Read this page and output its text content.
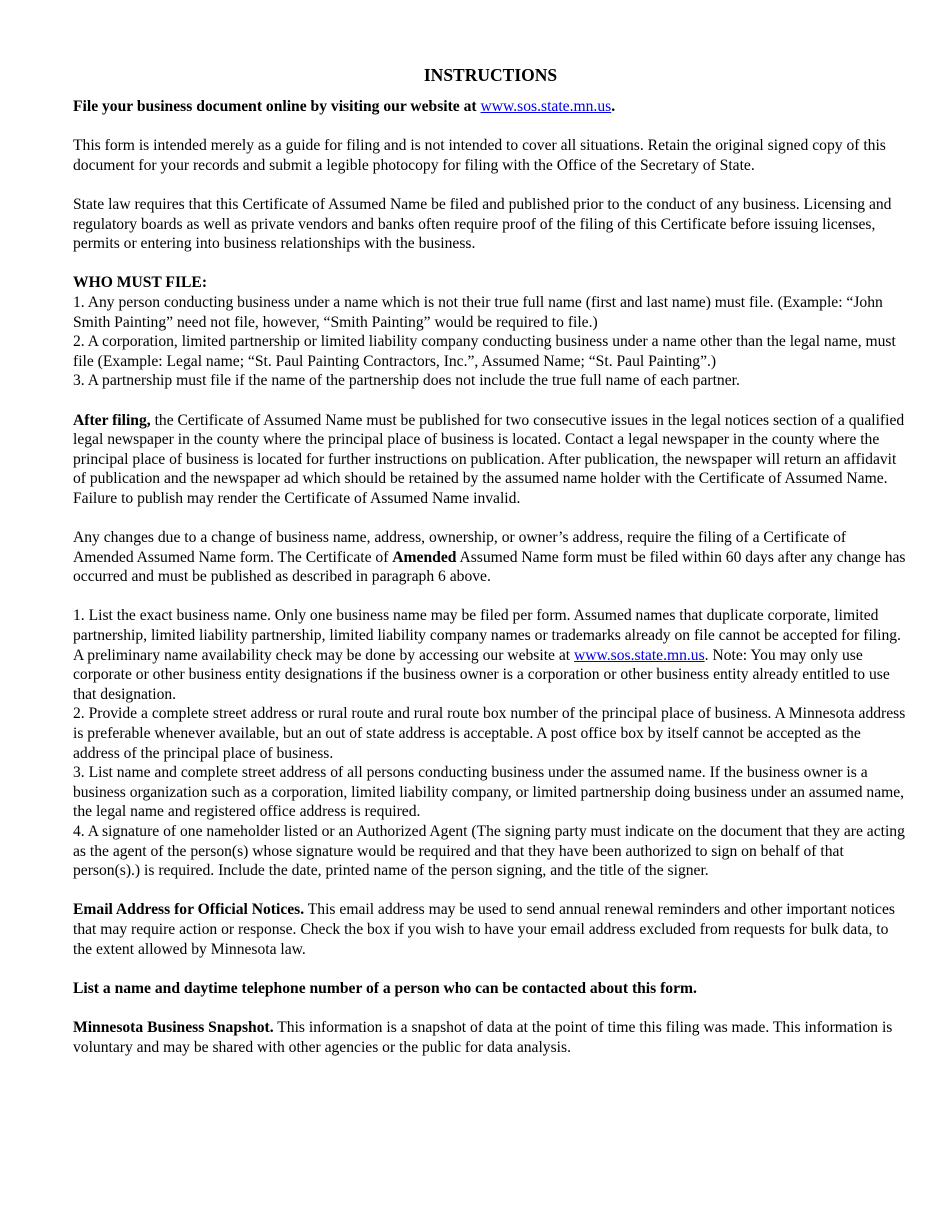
INSTRUCTIONS

File your business document online by visiting our website at www.sos.state.mn.us.

This form is intended merely as a guide for filing and is not intended to cover all situations. Retain the original signed copy of this document for your records and submit a legible photocopy for filing with the Office of the Secretary of State.

State law requires that this Certificate of Assumed Name be filed and published prior to the conduct of any business. Licensing and regulatory boards as well as private vendors and banks often require proof of the filing of this Certificate before issuing licenses, permits or entering into business relationships with the business.

WHO MUST FILE:

1. Any person conducting business under a name which is not their true full name (first and last name) must file. (Example: “John Smith Painting” need not file, however, “Smith Painting” would be required to file.)

2. A corporation, limited partnership or limited liability company conducting business under a name other than the legal name, must file (Example: Legal name; “St. Paul Painting Contractors, Inc.”, Assumed Name; “St. Paul Painting”.)

3. A partnership must file if the name of the partnership does not include the true full name of each partner.

After filing, the Certificate of Assumed Name must be published for two consecutive issues in the legal notices section of a qualified legal newspaper in the county where the principal place of business is located. Contact a legal newspaper in the county where the principal place of business is located for further instructions on publication. After publication, the newspaper will return an affidavit of publication and the newspaper ad which should be retained by the assumed name holder with the Certificate of Assumed Name. Failure to publish may render the Certificate of Assumed Name invalid.

Any changes due to a change of business name, address, ownership, or owner’s address, require the filing of a Certificate of Amended Assumed Name form. The Certificate of Amended Assumed Name form must be filed within 60 days after any change has occurred and must be published as described in paragraph 6 above.

1. List the exact business name. Only one business name may be filed per form. Assumed names that duplicate corporate, limited partnership, limited liability partnership, limited liability company names or trademarks already on file cannot be accepted for filing. A preliminary name availability check may be done by accessing our website at www.sos.state.mn.us. Note: You may only use corporate or other business entity designations if the business owner is a corporation or other business entity already entitled to use that designation.

2. Provide a complete street address or rural route and rural route box number of the principal place of business. A Minnesota address is preferable whenever available, but an out of state address is acceptable. A post office box by itself cannot be accepted as the address of the principal place of business.

3. List name and complete street address of all persons conducting business under the assumed name. If the business owner is a business organization such as a corporation, limited liability company, or limited partnership doing business under an assumed name, the legal name and registered office address is required.

4. A signature of one nameholder listed or an Authorized Agent (The signing party must indicate on the document that they are acting as the agent of the person(s) whose signature would be required and that they have been authorized to sign on behalf of that person(s).) is required. Include the date, printed name of the person signing, and the title of the signer.

Email Address for Official Notices. This email address may be used to send annual renewal reminders and other important notices that may require action or response. Check the box if you wish to have your email address excluded from requests for bulk data, to the extent allowed by Minnesota law.

List a name and daytime telephone number of a person who can be contacted about this form.

Minnesota Business Snapshot. This information is a snapshot of data at the point of time this filing was made. This information is voluntary and may be shared with other agencies or the public for data analysis.
